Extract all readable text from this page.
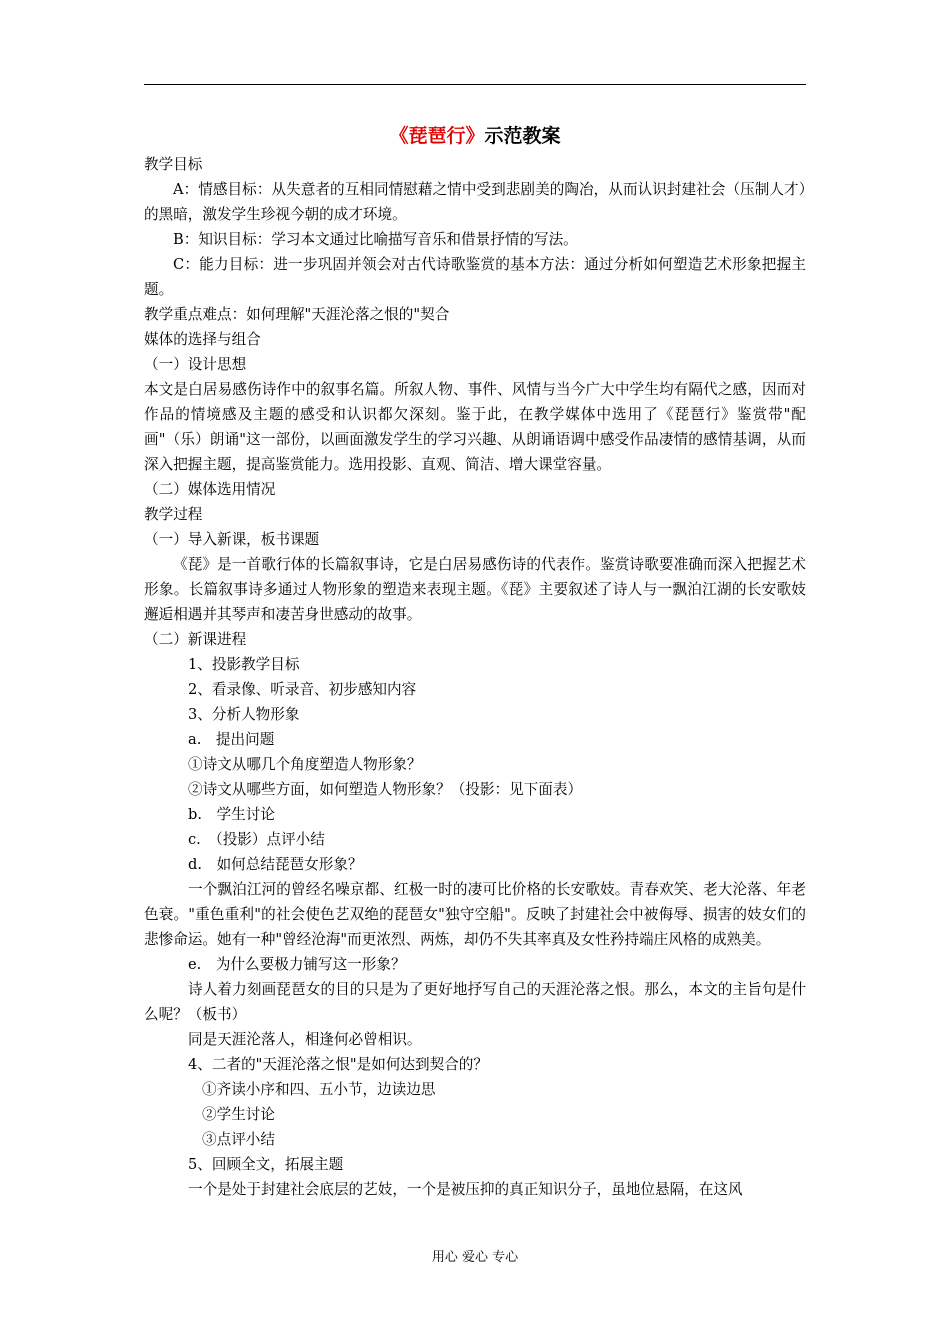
《琵琶行》示范教案

教学目标

A：情感目标：从失意者的互相同情慰藉之情中受到悲剧美的陶冶，从而认识封建社会（压制人才）的黑暗，激发学生珍视今朝的成才环境。

B：知识目标：学习本文通过比喻描写音乐和借景抒情的写法。

C：能力目标：进一步巩固并领会对古代诗歌鉴赏的基本方法：通过分析如何塑造艺术形象把握主题。

教学重点难点：如何理解"天涯沦落之恨的"契合

媒体的选择与组合

（一）设计思想

本文是白居易感伤诗作中的叙事名篇。所叙人物、事件、风情与当今广大中学生均有隔代之感，因而对作品的情境感及主题的感受和认识都欠深刻。鉴于此，在教学媒体中选用了《琵琶行》鉴赏带"配画"（乐）朗诵"这一部份，以画面激发学生的学习兴趣、从朗诵语调中感受作品凄情的感情基调，从而深入把握主题，提高鉴赏能力。选用投影、直观、简洁、增大课堂容量。

（二）媒体选用情况

教学过程

（一）导入新课，板书课题

《琵》是一首歌行体的长篇叙事诗，它是白居易感伤诗的代表作。鉴赏诗歌要准确而深入把握艺术形象。长篇叙事诗多通过人物形象的塑造来表现主题。《琵》主要叙述了诗人与一飘泊江湖的长安歌妓邂逅相遇并其琴声和凄苦身世感动的故事。

（二）新课进程

1、投影教学目标

2、看录像、听录音、初步感知内容

3、分析人物形象

a.　提出问题

①诗文从哪几个角度塑造人物形象？

②诗文从哪些方面，如何塑造人物形象？（投影：见下面表）

b.　学生讨论

c.　（投影）点评小结

d.　如何总结琵琶女形象？

一个飘泊江河的曾经名噪京都、红极一时的凄可比价格的长安歌妓。青春欢笑、老大沦落、年老色衰。"重色重利"的社会使色艺双绝的琵琶女"独守空船"。反映了封建社会中被侮辱、损害的妓女们的悲惨命运。她有一种"曾经沧海"而更浓烈、两炼，却仍不失其率真及女性矜持端庄风格的成熟美。

e.　为什么要极力铺写这一形象？

诗人着力刻画琵琶女的目的只是为了更好地抒写自己的天涯沦落之恨。那么，本文的主旨句是什么呢？（板书）

同是天涯沦落人，相逢何必曾相识。

4、二者的"天涯沦落之恨"是如何达到契合的？

①齐读小序和四、五小节，边读边思

②学生讨论

③点评小结

5、回顾全文，拓展主题

一个是处于封建社会底层的艺妓，一个是被压抑的真正知识分子，虽地位悬隔，在这风

用心 爱心 专心
